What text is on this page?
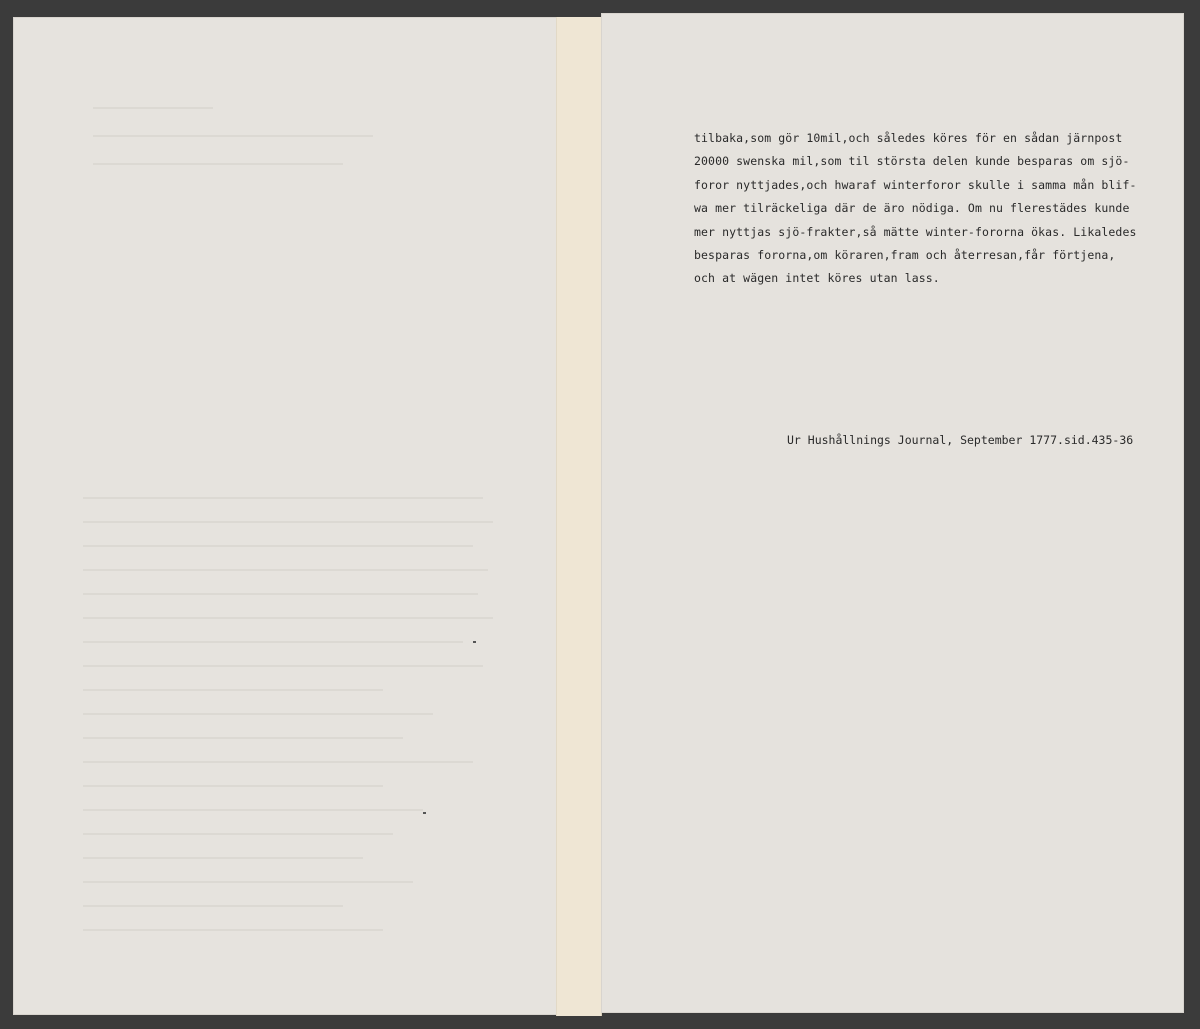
tilbaka,som gör 10mil,och således köres för en sådan järnpost
20000 swenska mil,som til största delen kunde besparas om sjö-
foror nyttjades,och hwaraf winterforor skulle i samma mån blif-
wa mer tilräckeliga där de äro nödiga. Om nu flerestädes kunde
mer nyttjas sjö-frakter,så mätte winter-fororna ökas. Likaledes
besparas fororna,om köraren,fram och återresan,får förtjena,
och at wägen intet köres utan lass.
Ur Hushållnings Journal, September 1777.sid.435-36
